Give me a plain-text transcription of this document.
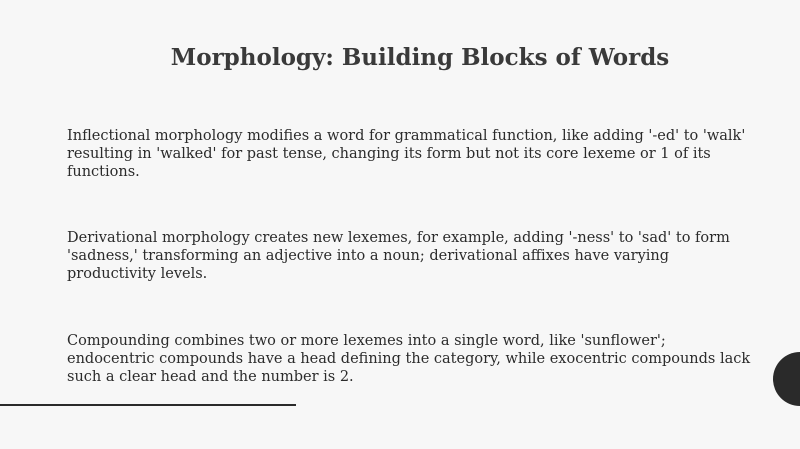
Morphology: Building Blocks of Words

Inflectional morphology modifies a word for grammatical function, like adding '-ed' to 'walk' resulting in 'walked' for past tense, changing its form but not its core lexeme or 1 of its functions.

Derivational morphology creates new lexemes, for example, adding '-ness' to 'sad' to form 'sadness,' transforming an adjective into a noun; derivational affixes have varying productivity levels.

Compounding combines two or more lexemes into a single word, like 'sunflower'; endocentric compounds have a head defining the category, while exocentric compounds lack such a clear head and the number is 2.
